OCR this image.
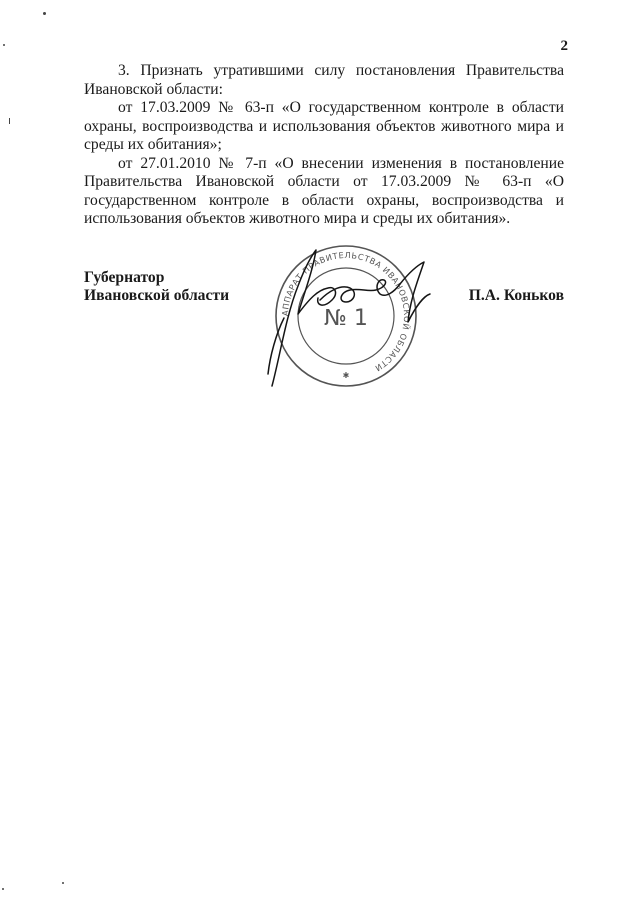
2

3. Признать утратившими силу постановления Правительства Ивановской области:

от 17.03.2009 № 63-п «О государственном контроле в области охраны, воспроизводства и использования объектов животного мира и среды их обитания»;

от 27.01.2010 № 7-п «О внесении изменения в постановление Правительства Ивановской области от 17.03.2009 № 63-п «О государственном контроле в области охраны, воспроизводства и использования объектов животного мира и среды их обитания».

Губернатор
Ивановской области	П.А. Коньков
АППАРАТ ПРАВИТЕЛЬСТВА ИВАНОВСКОЙ ОБЛАСТИ
№ 1
✱
